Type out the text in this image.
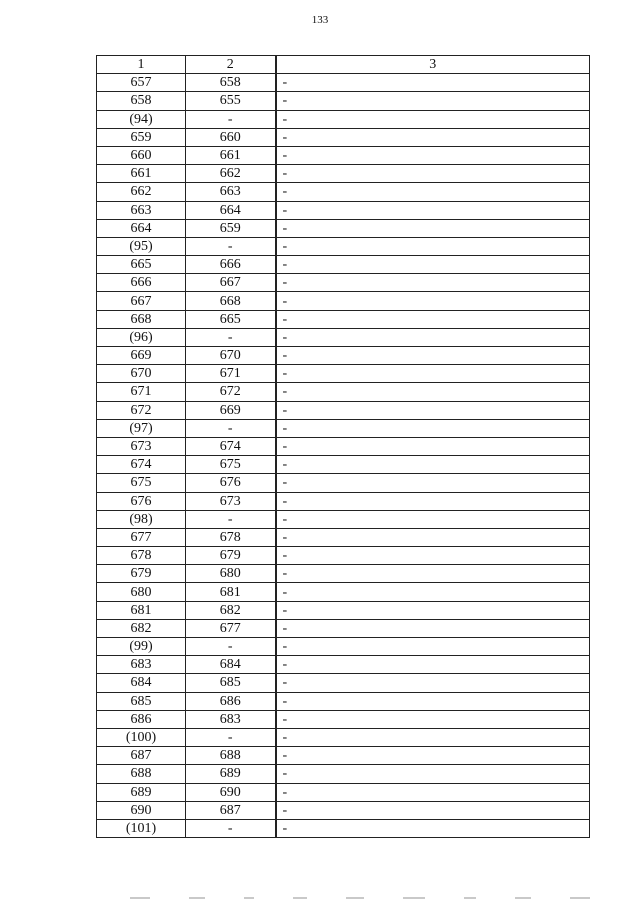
133
1	2	3
657	658	-
658	655	-
(94)	-	-
659	660	-
660	661	-
661	662	-
662	663	-
663	664	-
664	659	-
(95)	-	-
665	666	-
666	667	-
667	668	-
668	665	-
(96)	-	-
669	670	-
670	671	-
671	672	-
672	669	-
(97)	-	-
673	674	-
674	675	-
675	676	-
676	673	-
(98)	-	-
677	678	-
678	679	-
679	680	-
680	681	-
681	682	-
682	677	-
(99)	-	-
683	684	-
684	685	-
685	686	-
686	683	-
(100)	-	-
687	688	-
688	689	-
689	690	-
690	687	-
(101)	-	-
